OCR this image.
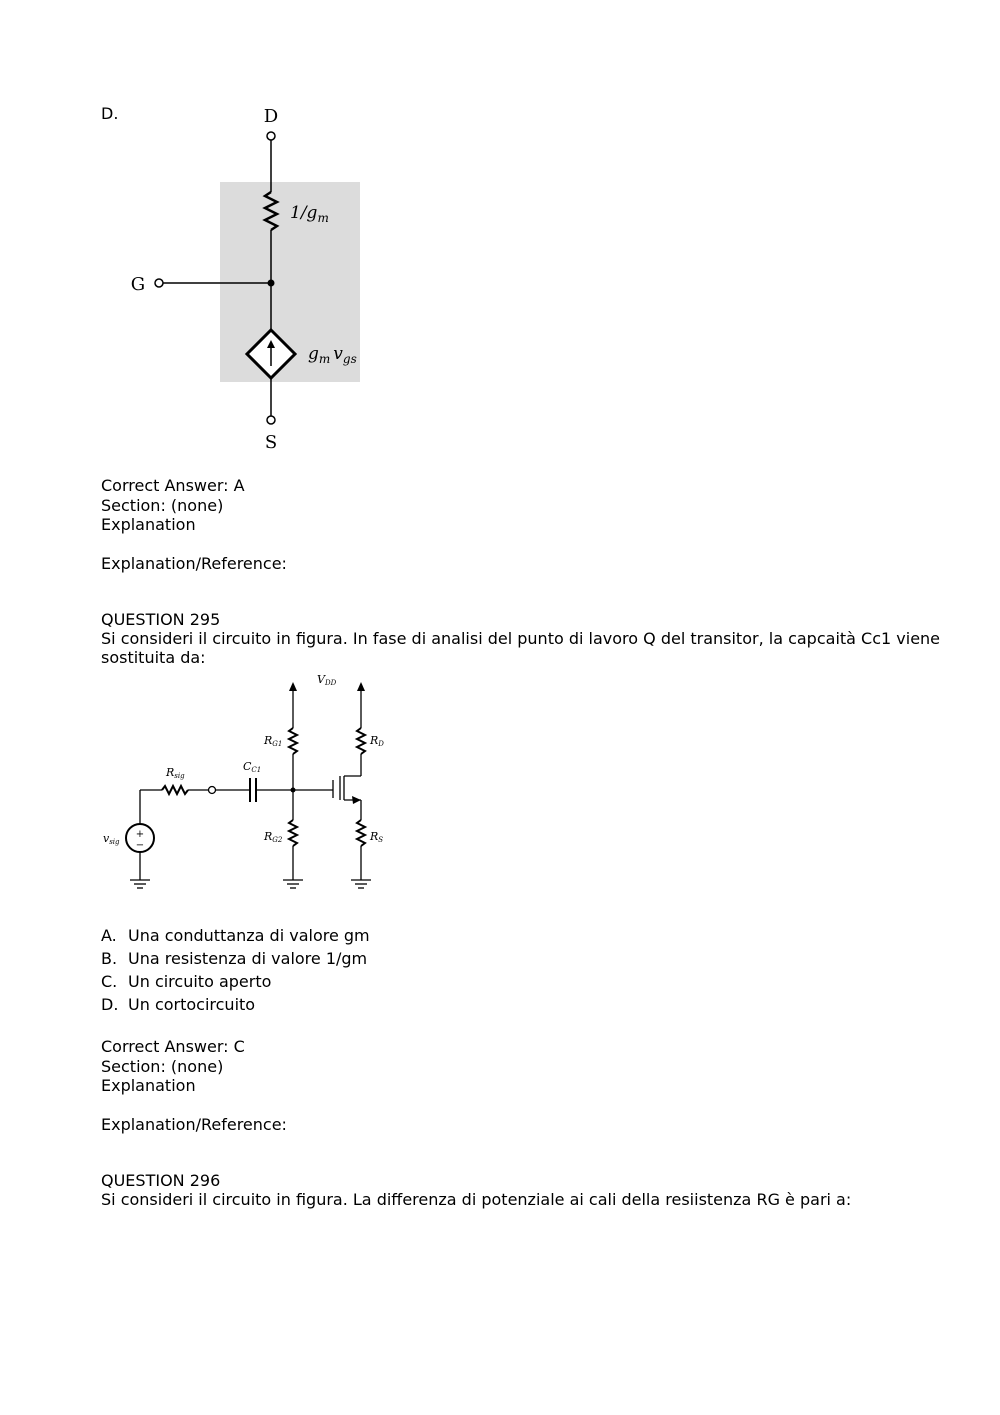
D.	D
$1/g_m$
G
$g_m$ $v_{gs}$
S
Correct Answer: A
Section: (none)
Explanation
Explanation/Reference:
QUESTION 295
Si consideri il circuito in figura. In fase di analisi del punto di lavoro Q del transitor, la capcaità Cc1 viene sostituita da:
VDD
RG1	RD
Rsig
CC1
RG2	RS
vsig
+
−
A. Una conduttanza di valore gm
B. Una resistenza di valore 1/gm
C. Un circuito aperto
D. Un cortocircuito
Correct Answer: C
Section: (none)
Explanation
Explanation/Reference:
QUESTION 296
Si consideri il circuito in figura. La differenza di potenziale ai cali della resiistenza RG è pari a:
